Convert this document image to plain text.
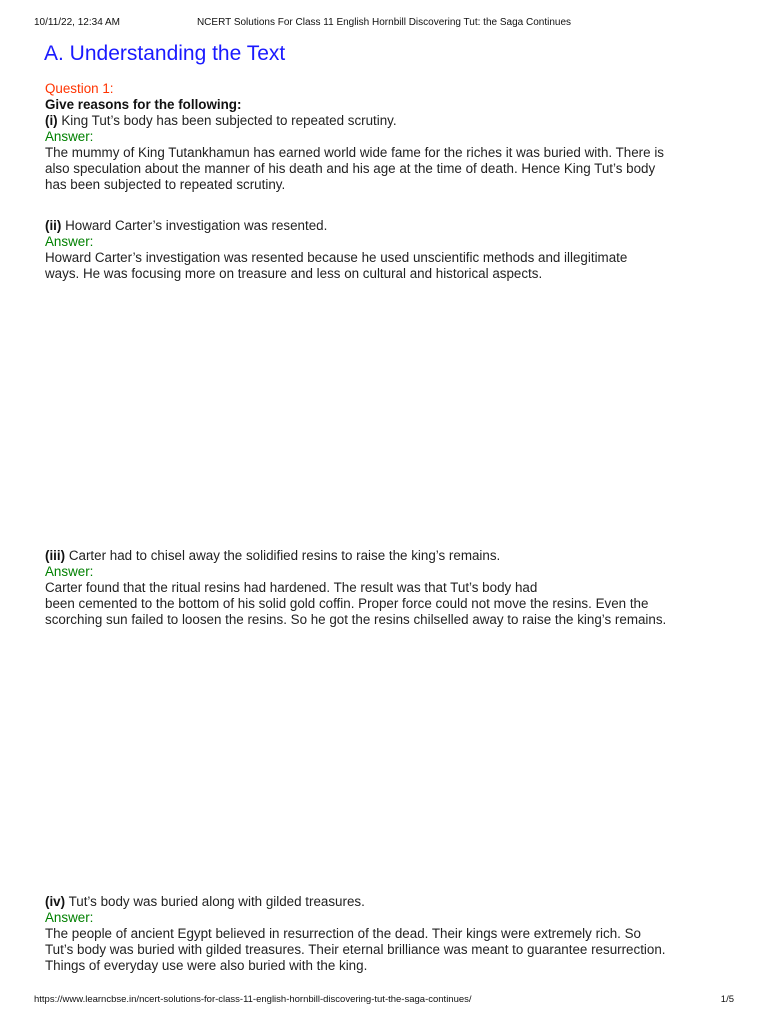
10/11/22, 12:34 AM	NCERT Solutions For Class 11 English Hornbill Discovering Tut: the Saga Continues
A. Understanding the Text
Question 1:
Give reasons for the following:
(i) King Tut’s body has been subjected to repeated scrutiny.
Answer:
The mummy of King Tutankhamun has earned world wide fame for the riches it was buried with. There is
also speculation about the manner of his death and his age at the time of death. Hence King Tut’s body
has been subjected to repeated scrutiny.
(ii) Howard Carter’s investigation was resented.
Answer:
Howard Carter’s investigation was resented because he used unscientific methods and illegitimate
ways. He was focusing more on treasure and less on cultural and historical aspects.
(iii) Carter had to chisel away the solidified resins to raise the king’s remains.
Answer:
Carter found that the ritual resins had hardened. The result was that Tut’s body had
been cemented to the bottom of his solid gold coffin. Proper force could not move the resins. Even the
scorching sun failed to loosen the resins. So he got the resins chilselled away to raise the king’s remains.
(iv) Tut’s body was buried along with gilded treasures.
Answer:
The people of ancient Egypt believed in resurrection of the dead. Their kings were extremely rich. So
Tut’s body was buried with gilded treasures. Their eternal brilliance was meant to guarantee resurrection.
Things of everyday use were also buried with the king.
https://www.learncbse.in/ncert-solutions-for-class-11-english-hornbill-discovering-tut-the-saga-continues/	1/5
